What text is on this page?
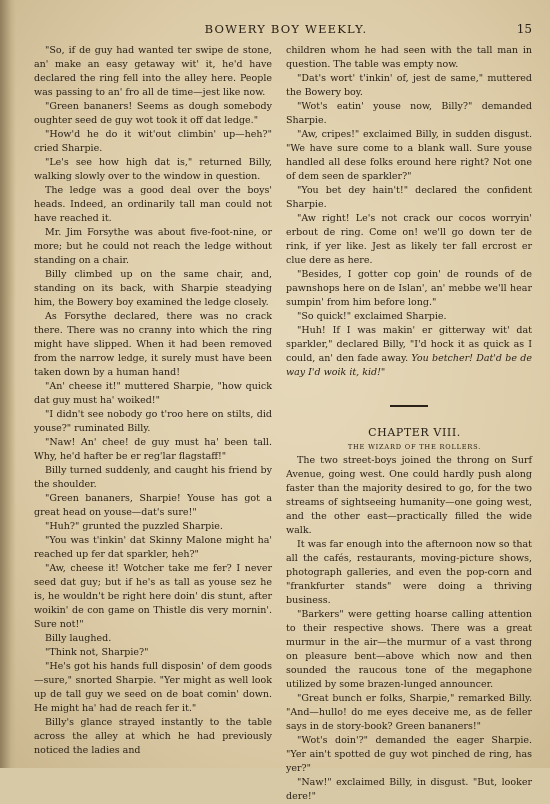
BOWERY BOY WEEKLY.	15

"So, if de guy had wanted ter swipe de stone, an' make an easy getaway wit' it, he'd have declared the ring fell into the alley here. People was passing to an' fro all de time—jest like now.

"Green bananers! Seems as dough somebody oughter seed de guy wot took it off dat ledge."

"How'd he do it wit'out climbin' up—heh?" cried Sharpie.

"Le's see how high dat is," returned Billy, walking slowly over to the window in question.

The ledge was a good deal over the boys' heads. Indeed, an ordinarily tall man could not have reached it.

Mr. Jim Forsythe was about five-foot-nine, or more; but he could not reach the ledge without standing on a chair.

Billy climbed up on the same chair, and, standing on its back, with Sharpie steadying him, the Bowery boy examined the ledge closely.

As Forsythe declared, there was no crack there. There was no cranny into which the ring might have slipped. When it had been removed from the narrow ledge, it surely must have been taken down by a human hand!

"An' cheese it!" muttered Sharpie, "how quick dat guy must ha' woiked!"

"I didn't see nobody go t'roo here on stilts, did youse?" ruminated Billy.

"Naw! An' chee! de guy must ha' been tall. Why, he'd hafter be er reg'lar flagstaff!"

Billy turned suddenly, and caught his friend by the shoulder.

"Green bananers, Sharpie! Youse has got a great head on youse—dat's sure!"

"Huh?" grunted the puzzled Sharpie.

"You was t'inkin' dat Skinny Malone might ha' reached up fer dat sparkler, heh?"

"Aw, cheese it! Wotcher take me fer? I never seed dat guy; but if he's as tall as youse sez he is, he wouldn't be right here doin' dis stunt, after woikin' de con game on Thistle dis very mornin'. Sure not!"

Billy laughed.

"Think not, Sharpie?"

"He's got his hands full disposin' of dem goods—sure," snorted Sharpie. "Yer might as well look up de tall guy we seed on de boat comin' down. He might ha' had de reach fer it."

Billy's glance strayed instantly to the table across the alley at which he had previously noticed the ladies and

children whom he had seen with the tall man in question. The table was empty now.

"Dat's wort' t'inkin' of, jest de same," muttered the Bowery boy.

"Wot's eatin' youse now, Billy?" demanded Sharpie.

"Aw, cripes!" exclaimed Billy, in sudden disgust. "We have sure come to a blank wall. Sure youse handled all dese folks eround here right? Not one of dem seen de sparkler?"

"You bet dey hain't!" declared the confident Sharpie.

"Aw right! Le's not crack our cocos worryin' erbout de ring. Come on! we'll go down ter de rink, if yer like. Jest as likely ter fall ercrost er clue dere as here.

"Besides, I gotter cop goin' de rounds of de pawnshops here on de Islan', an' mebbe we'll hear sumpin' from him before long."

"So quick!" exclaimed Sharpie.

"Huh! If I was makin' er gitterway wit' dat sparkler," declared Billy, "I'd hock it as quick as I could, an' den fade away. You betcher! Dat'd be de way I'd woik it, kid!"

CHAPTER VIII.

THE WIZARD OF THE ROLLERS.

The two street-boys joined the throng on Surf Avenue, going west. One could hardly push along faster than the majority desired to go, for the two streams of sightseeing humanity—one going west, and the other east—practically filled the wide walk.

It was far enough into the afternoon now so that all the cafés, restaurants, moving-picture shows, photograph galleries, and even the pop-corn and "frankfurter stands" were doing a thriving business.

"Barkers" were getting hoarse calling attention to their respective shows. There was a great murmur in the air—the murmur of a vast throng on pleasure bent—above which now and then sounded the raucous tone of the megaphone utilized by some brazen-lunged announcer.

"Great bunch er folks, Sharpie," remarked Billy. "And—hullo! do me eyes deceive me, as de feller says in de story-book? Green bananers!"

"Wot's doin'?" demanded the eager Sharpie. "Yer ain't spotted de guy wot pinched de ring, has yer?"

"Naw!" exclaimed Billy, in disgust. "But, looker dere!"
